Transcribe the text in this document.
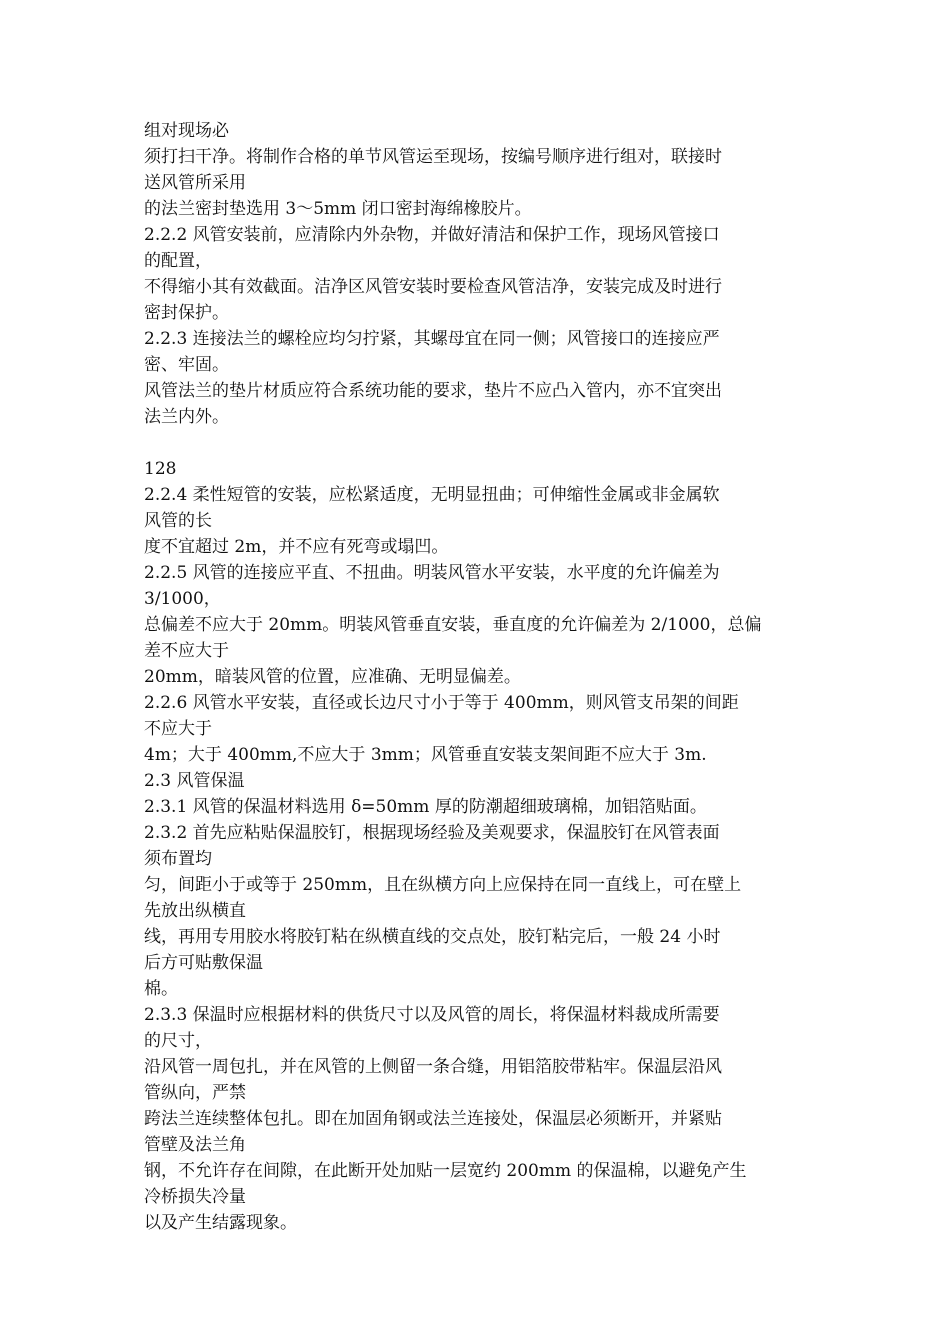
组对现场必
须打扫干净。将制作合格的单节风管运至现场，按编号顺序进行组对，联接时
送风管所采用
的法兰密封垫选用 3～5mm 闭口密封海绵橡胶片。
2.2.2 风管安装前，应清除内外杂物，并做好清洁和保护工作，现场风管接口
的配置，
不得缩小其有效截面。洁净区风管安装时要检查风管洁净，安装完成及时进行
密封保护。
2.2.3 连接法兰的螺栓应均匀拧紧，其螺母宜在同一侧；风管接口的连接应严
密、牢固。
风管法兰的垫片材质应符合系统功能的要求，垫片不应凸入管内，亦不宜突出
法兰内外。
128
2.2.4 柔性短管的安装，应松紧适度，无明显扭曲；可伸缩性金属或非金属软
风管的长
度不宜超过 2m，并不应有死弯或塌凹。
2.2.5 风管的连接应平直、不扭曲。明装风管水平安装，水平度的允许偏差为
3/1000，
总偏差不应大于 20mm。明装风管垂直安装，垂直度的允许偏差为 2/1000，总偏
差不应大于
20mm，暗装风管的位置，应准确、无明显偏差。
2.2.6 风管水平安装，直径或长边尺寸小于等于 400mm，则风管支吊架的间距
不应大于
4m；大于 400mm,不应大于 3mm；风管垂直安装支架间距不应大于 3m.
2.3 风管保温
2.3.1 风管的保温材料选用 δ=50mm 厚的防潮超细玻璃棉，加铝箔贴面。
2.3.2 首先应粘贴保温胶钉，根据现场经验及美观要求，保温胶钉在风管表面
须布置均
匀，间距小于或等于 250mm，且在纵横方向上应保持在同一直线上，可在壁上
先放出纵横直
线，再用专用胶水将胶钉粘在纵横直线的交点处，胶钉粘完后，一般 24 小时
后方可贴敷保温
棉。
2.3.3 保温时应根据材料的供货尺寸以及风管的周长，将保温材料裁成所需要
的尺寸，
沿风管一周包扎，并在风管的上侧留一条合缝，用铝箔胶带粘牢。保温层沿风
管纵向，严禁
跨法兰连续整体包扎。即在加固角钢或法兰连接处，保温层必须断开，并紧贴
管壁及法兰角
钢，不允许存在间隙，在此断开处加贴一层宽约 200mm 的保温棉，以避免产生
冷桥损失冷量
以及产生结露现象。
